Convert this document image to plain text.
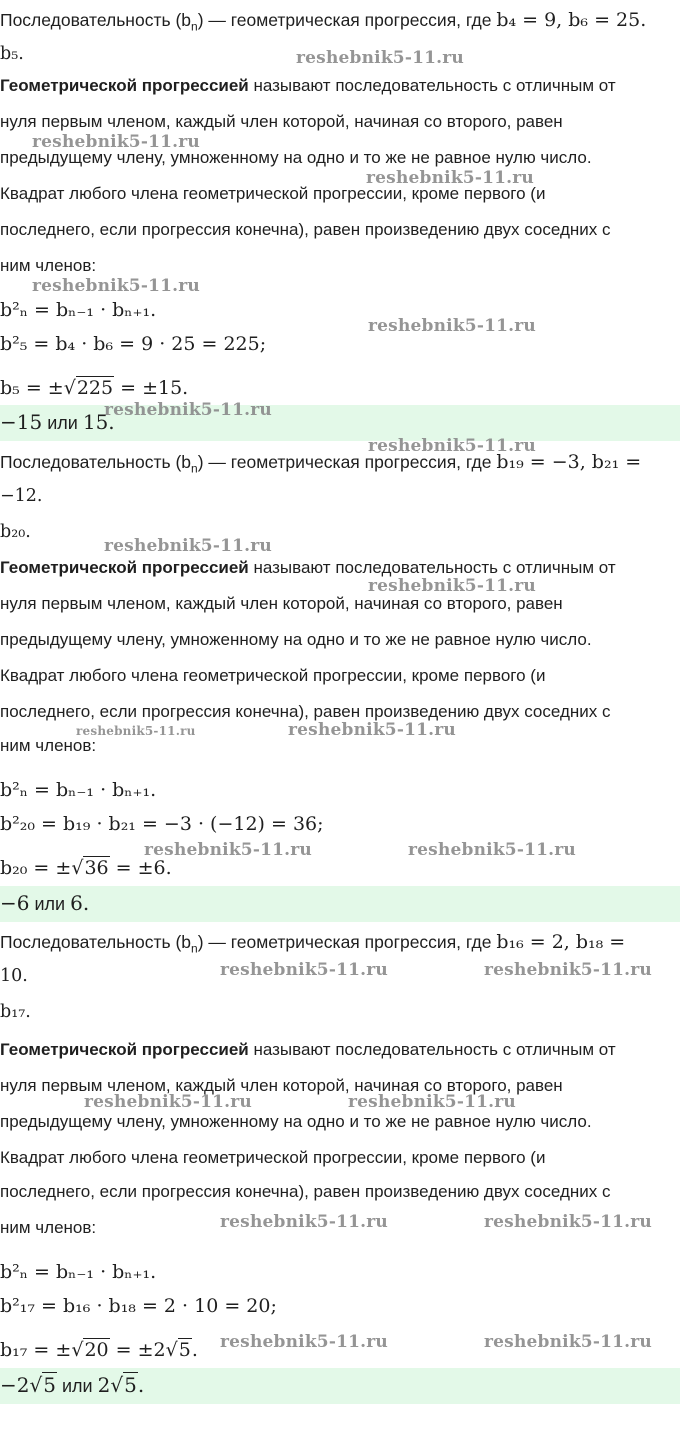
Последовательность $(b_n)$ — геометрическая прогрессия, где b₄ = 9, b₆ = 25.
b₅.
Геометрической прогрессией называют последовательность с отличным от
нуля первым членом, каждый член которой, начиная со второго, равен
предыдущему члену, умноженному на одно и то же не равное нулю число.
Квадрат любого члена геометрической прогрессии, кроме первого (и
последнего, если прогрессия конечна), равен произведению двух соседних с
ним членов:
b²ₙ = bₙ₋₁ · bₙ₊₁.
b²₅ = b₄ · b₆ = 9 · 25 = 225;
b₅ = ±√225 = ±15.
−15 или 15.
Последовательность $(b_n)$ — геометрическая прогрессия, где b₁₉ = −3, b₂₁ =
−12.
b₂₀.
Геометрической прогрессией называют последовательность с отличным от
нуля первым членом, каждый член которой, начиная со второго, равен
предыдущему члену, умноженному на одно и то же не равное нулю число.
Квадрат любого члена геометрической прогрессии, кроме первого (и
последнего, если прогрессия конечна), равен произведению двух соседних с
ним членов:
b²ₙ = bₙ₋₁ · bₙ₊₁.
b²₂₀ = b₁₉ · b₂₁ = −3 · (−12) = 36;
b₂₀ = ±√36 = ±6.
−6 или 6.
Последовательность $(b_n)$ — геометрическая прогрессия, где b₁₆ = 2, b₁₈ =
10.
b₁₇.
Геометрической прогрессией называют последовательность с отличным от
нуля первым членом, каждый член которой, начиная со второго, равен
предыдущему члену, умноженному на одно и то же не равное нулю число.
Квадрат любого члена геометрической прогрессии, кроме первого (и
последнего, если прогрессия конечна), равен произведению двух соседних с
ним членов:
b²ₙ = bₙ₋₁ · bₙ₊₁.
b²₁₇ = b₁₆ · b₁₈ = 2 · 10 = 20;
b₁₇ = ±√20 = ±2√5.
−2√5 или 2√5.
reshebnik5-11.ru
reshebnik5-11.ru
reshebnik5-11.ru
reshebnik5-11.ru
reshebnik5-11.ru
reshebnik5-11.ru
reshebnik5-11.ru
reshebnik5-11.ru
reshebnik5-11.ru
reshebnik5-11.ru	reshebnik5-11.ru
reshebnik5-11.ru	reshebnik5-11.ru
reshebnik5-11.ru	reshebnik5-11.ru
reshebnik5-11.ru	reshebnik5-11.ru
reshebnik5-11.ru	reshebnik5-11.ru
reshebnik5-11.ru	reshebnik5-11.ru
